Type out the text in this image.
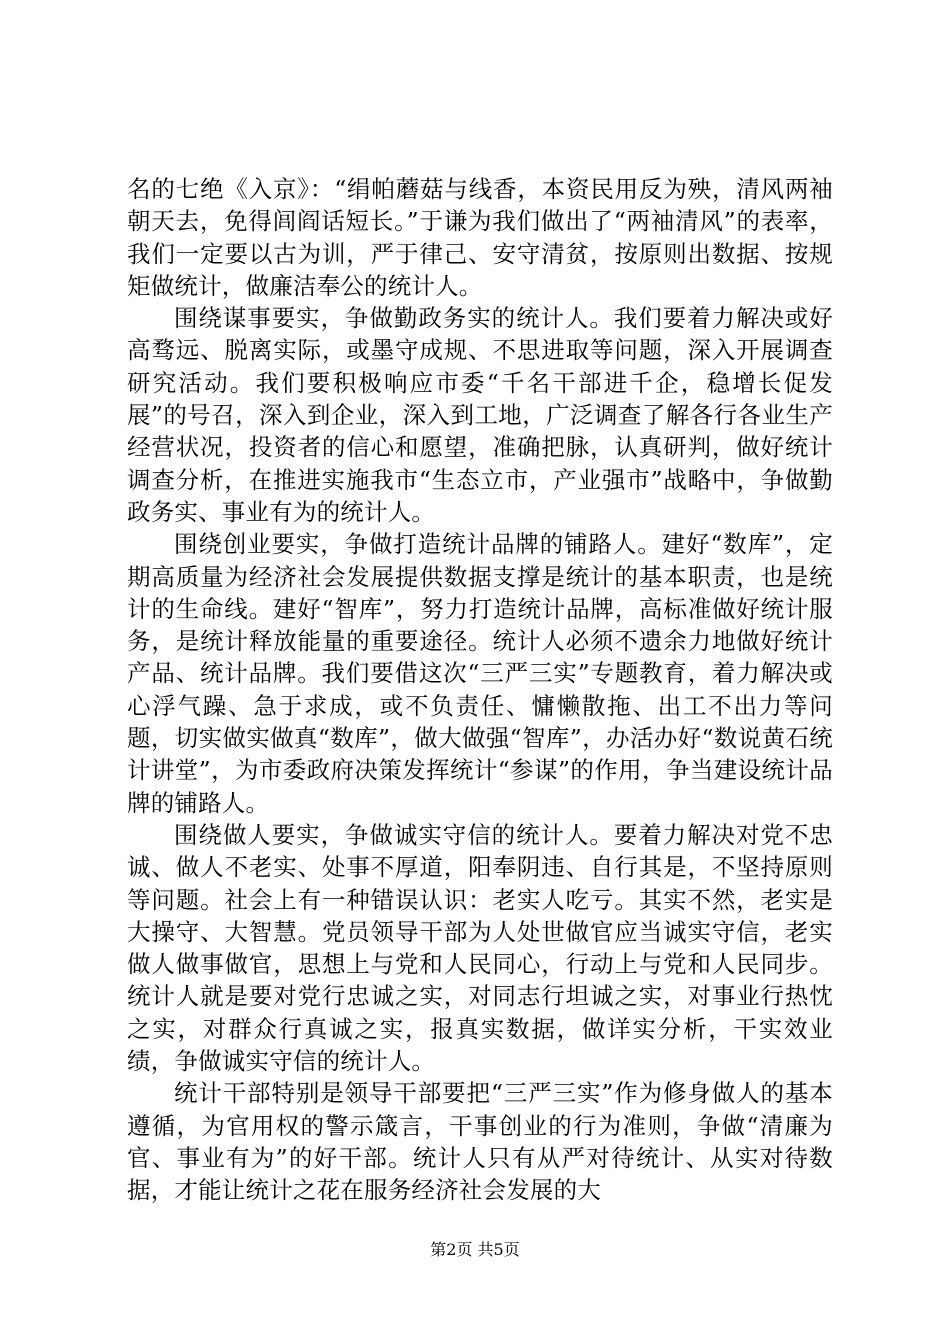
名的七绝《入京》：“绢帕蘑菇与线香，本资民用反为殃，清风两袖朝天去，免得闾阎话短长。”于谦为我们做出了“两袖清风”的表率，我们一定要以古为训，严于律己、安守清贫，按原则出数据、按规矩做统计，做廉洁奉公的统计人。

围绕谋事要实，争做勤政务实的统计人。我们要着力解决或好高骛远、脱离实际，或墨守成规、不思进取等问题，深入开展调查研究活动。我们要积极响应市委“千名干部进千企，稳增长促发展”的号召，深入到企业，深入到工地，广泛调查了解各行各业生产经营状况，投资者的信心和愿望，准确把脉，认真研判，做好统计调查分析，在推进实施我市“生态立市，产业强市”战略中，争做勤政务实、事业有为的统计人。

围绕创业要实，争做打造统计品牌的铺路人。建好“数库”，定期高质量为经济社会发展提供数据支撑是统计的基本职责，也是统计的生命线。建好“智库”，努力打造统计品牌，高标准做好统计服务，是统计释放能量的重要途径。统计人必须不遗余力地做好统计产品、统计品牌。我们要借这次“三严三实”专题教育，着力解决或心浮气躁、急于求成，或不负责任、慵懒散拖、出工不出力等问题，切实做实做真“数库”，做大做强“智库”，办活办好“数说黄石统计讲堂”，为市委政府决策发挥统计“参谋”的作用，争当建设统计品牌的铺路人。

围绕做人要实，争做诚实守信的统计人。要着力解决对党不忠诚、做人不老实、处事不厚道，阳奉阴违、自行其是，不坚持原则等问题。社会上有一种错误认识：老实人吃亏。其实不然，老实是大操守、大智慧。党员领导干部为人处世做官应当诚实守信，老实做人做事做官，思想上与党和人民同心，行动上与党和人民同步。统计人就是要对党行忠诚之实，对同志行坦诚之实，对事业行热忱之实，对群众行真诚之实，报真实数据，做详实分析，干实效业绩，争做诚实守信的统计人。

统计干部特别是领导干部要把“三严三实”作为修身做人的基本遵循，为官用权的警示箴言，干事创业的行为准则，争做“清廉为官、事业有为”的好干部。统计人只有从严对待统计、从实对待数据，才能让统计之花在服务经济社会发展的大

第2页 共5页
